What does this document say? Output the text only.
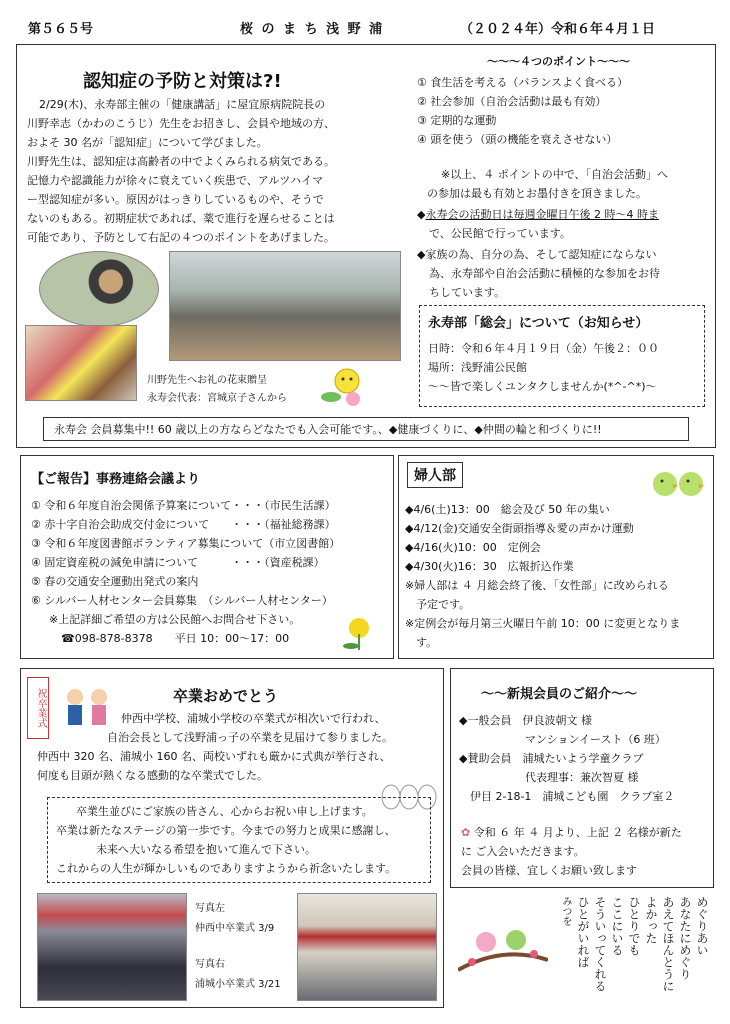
第５６５号	桜 の ま ち 浅 野 浦	（２０２４年）令和６年４月１日
認知症の予防と対策は?!
2/29(木)、永寿部主催の「健康講話」に屋宜原病院院長の
川野幸志（かわのこうじ）先生をお招きし、会員や地域の方、
およそ 30 名が「認知症」について学びました。
川野先生は、認知症は高齢者の中でよくみられる病気である。
記憶力や認識能力が徐々に衰えていく疾患で、アルツハイマ
ー型認知症が多い。原因がはっきりしているものや、そうで
ないのもある。初期症状であれば、薬で進行を遅らせることは
可能であり、予防として右記の４つのポイントをあげました。
川野先生へお礼の花束贈呈
永寿会代表：宮城京子さんから
～～～４つのポイント～～～
① 食生活を考える（バランスよく食べる）
② 社会参加（自治会活動は最も有効）
③ 定期的な運動
④ 頭を使う（頭の機能を衰えさせない）
※以上、４ ポイントの中で、「自治会活動」へ
の参加は最も有効とお墨付きを頂きました。
◆永寿会の活動日は毎週金曜日午後 2 時～4 時ま
で、公民館で行っています。
◆家族の為、自分の為、そして認知症にならない
為、永寿部や自治会活動に積極的な参加をお待
ちしています。
永寿部「総会」について（お知らせ）
日時：令和６年４月１９日（金）午後２：００
場所：浅野浦公民館
～～皆で楽しくユンタクしませんか(*^-^*)～
永寿会 会員募集中!! 60 歳以上の方ならどなたでも入会可能です。、◆健康づくりに、◆仲間の輪と和づくりに!!
【ご報告】事務連絡会議より
① 令和６年度自治会関係予算案について・・・（市民生活課）
② 赤十字自治会助成交付金について　　・・・（福祉総務課）
③ 令和６年度図書館ボランティア募集について（市立図書館）
④ 固定資産税の減免申請について　　　・・・（資産税課）
⑤ 春の交通安全運動出発式の案内
⑥ シルバー人材センター会員募集　（シルバー人材センター）
※上記詳細ご希望の方は公民館へお問合せ下さい。
☎098-878-8378　　平日 10：00～17：00
婦人部
◆4/6(土)13：00　総会及び 50 年の集い
◆4/12(金)交通安全街頭指導＆愛の声かけ運動
◆4/16(火)10：00　定例会
◆4/30(火)16：30　広報折込作業
※婦人部は ４ 月総会終了後、「女性部」に改められる
　予定です。
※定例会が毎月第三火曜日午前 10：00 に変更となりま
　す。
祝卒業式	卒業おめでとう
仲西中学校、浦城小学校の卒業式が相次いで行われ、
自治会長として浅野浦っ子の卒業を見届けて参りました。
仲西中 320 名、浦城小 160 名、両校いずれも厳かに式典が挙行され、
何度も目頭が熱くなる感動的な卒業式でした。
卒業生並びにご家族の皆さん、心からお祝い申し上げます。
卒業は新たなステージの第一歩です。今までの努力と成果に感謝し、
未来へ大いなる希望を抱いて進んで下さい。
これからの人生が輝かしいものでありますようから祈念いたします。
写真左
仲西中卒業式 3/9
写真右
浦城小卒業式 3/21
～～新規会員のご紹介～～
◆一般会員　伊良波朝文 様
　　　　　　マンションイースト（6 班）
◆賛助会員　浦城たいよう学童クラブ
　　　　　　代表理事：兼次智夏 様
　伊目 2-18-1　浦城こども園　クラブ室２
✿ 令和 ６ 年 ４ 月より、上記 ２ 名様が新た
に ご入会いただきます。
会員の皆様、宜しくお願い致します
めぐりあい
あなたにめぐり
あえてほんとうに
よかった
ひとりでも
ここにいる
そういってくれる
ひとがいれば
みつを
